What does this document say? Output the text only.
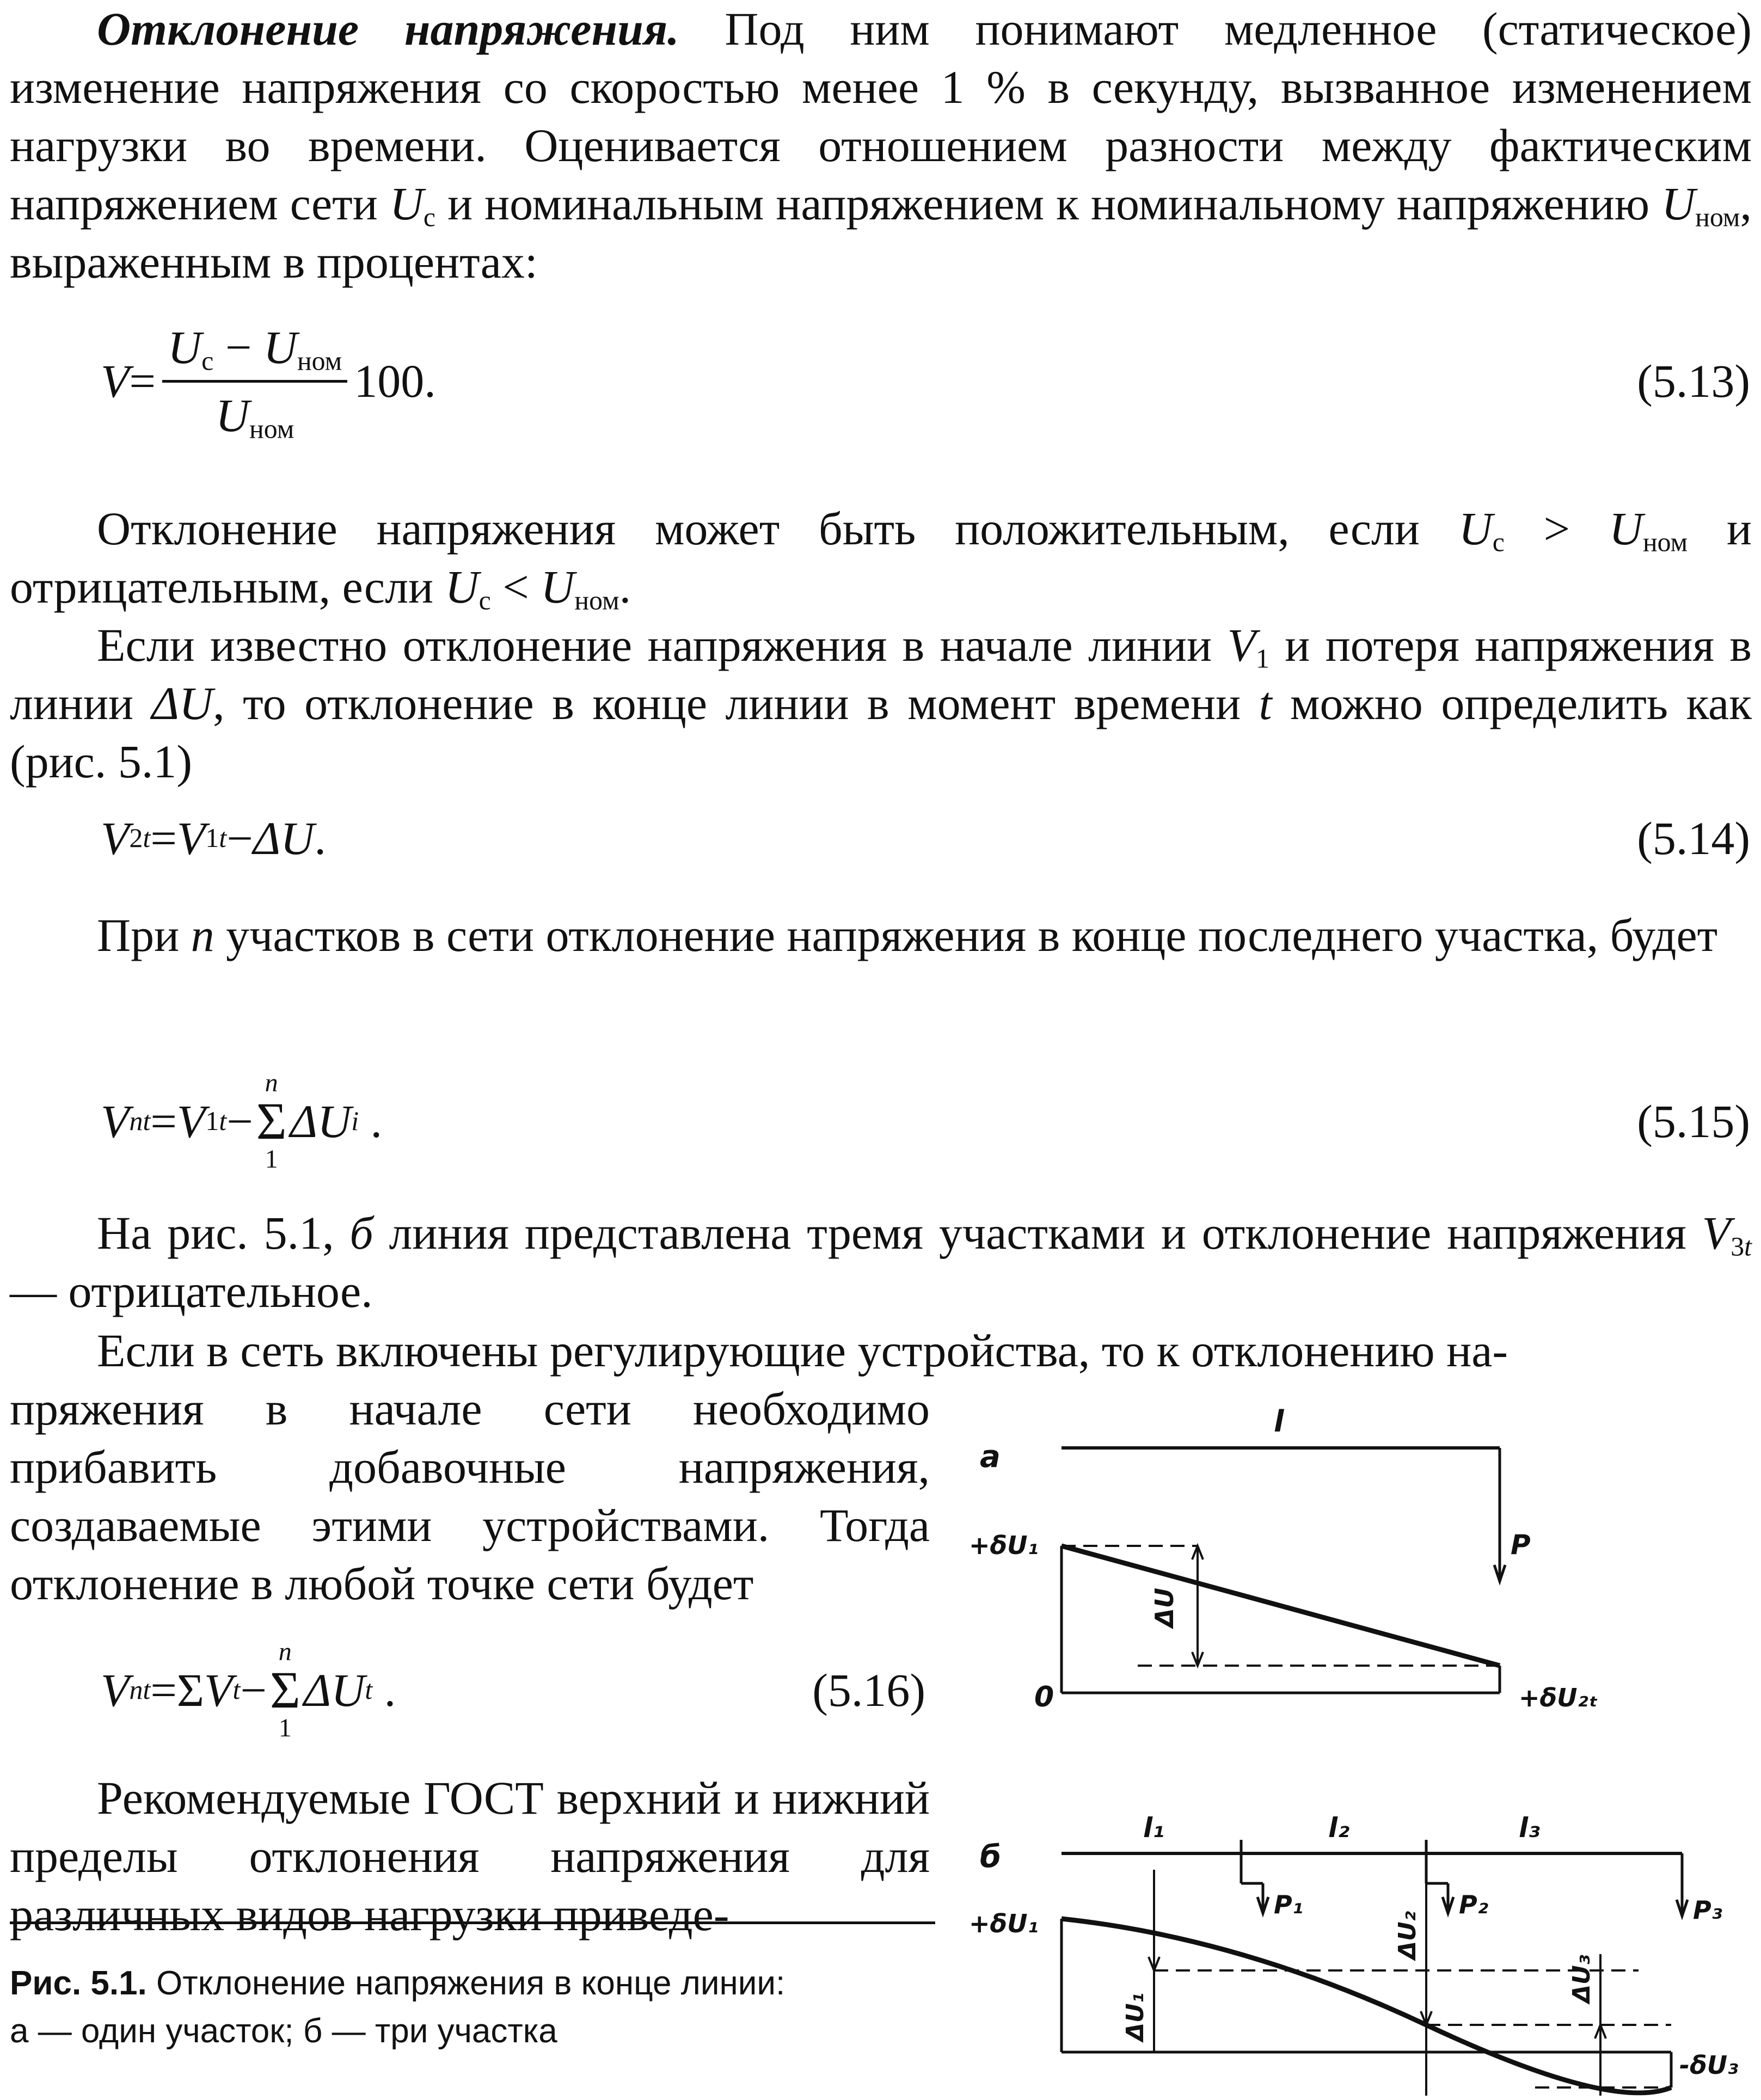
Отклонение напряжения. Под ним понимают медленное (статическое) изменение напряжения со скоростью менее 1 % в секунду, вызванное изменением нагрузки во времени. Оценивается отношением разности между фактическим напряжением сети $U_с$ и номинальным напряжением к номинальному напряжению $U_{ном}$, выраженным в процентах:

$V = \frac{U_с - U_{ном}}{U_{ном}} 100$.	(5.13)

Отклонение напряжения может быть положительным, если $U_с > U_{ном}$ и отрицательным, если $U_с < U_{ном}$.

Если известно отклонение напряжения в начале линии $V_1$ и потеря напряжения в линии ΔU, то отклонение в конце линии в момент времени t можно определить как (рис. 5.1)

V 2t = V 1t − ΔU .	(5.14)

При n участков в сети отклонение напряжения в конце последнего участка, будет

V nt = V 1t −
n
Σ
1
ΔU i .	(5.15)

На рис. 5.1, б линия представлена тремя участками и отклонение напряжения $V_{3t}$ — отрицательное.

Если в сеть включены регулирующие устройства, то к отклонению на-

пряжения в начале сети необходимо прибавить добавочные напряжения, создаваемые этими устройствами. Тогда отклонение в любой точке сети будет

V nt = Σ V t −
n
Σ
1
ΔU t .	(5.16)

Рекомендуемые ГОСТ верхний и нижний пределы отклонения напряжения для различных видов нагрузки приведе-

Рис. 5.1. Отклонение напряжения в конце линии:
а — один участок; б — три участка
а
l
P
+δU₁
ΔU
0	+δU₂ₜ
б
l₁	l₂	l₃
P₁	P₂	P₃
+δU₁
ΔU₁
ΔU₂
ΔU₃
-δU₃
